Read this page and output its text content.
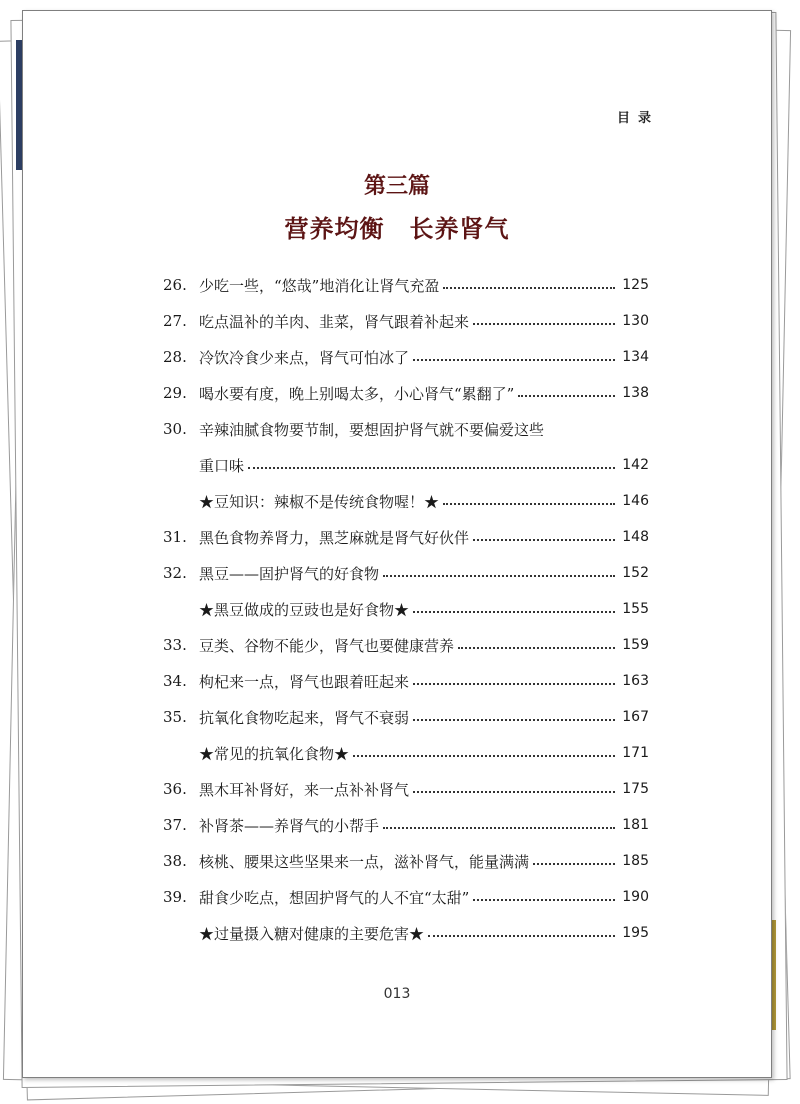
目录
第三篇
营养均衡　长养肾气
26. 少吃一些，“悠哉”地消化让肾气充盈	125
27. 吃点温补的羊肉、韭菜，肾气跟着补起来	130
28. 冷饮冷食少来点，肾气可怕冰了	134
29. 喝水要有度，晚上别喝太多，小心肾气“累翻了”	138
30. 辛辣油腻食物要节制，要想固护肾气就不要偏爱这些
重口味	142
★豆知识：辣椒不是传统食物喔！★	146
31. 黑色食物养肾力，黑芝麻就是肾气好伙伴	148
32. 黑豆——固护肾气的好食物	152
★黑豆做成的豆豉也是好食物★	155
33. 豆类、谷物不能少，肾气也要健康营养	159
34. 枸杞来一点，肾气也跟着旺起来	163
35. 抗氧化食物吃起来，肾气不衰弱	167
★常见的抗氧化食物★	171
36. 黑木耳补肾好，来一点补补肾气	175
37. 补肾茶——养肾气的小帮手	181
38. 核桃、腰果这些坚果来一点，滋补肾气，能量满满	185
39. 甜食少吃点，想固护肾气的人不宜“太甜”	190
★过量摄入糖对健康的主要危害★	195
013
